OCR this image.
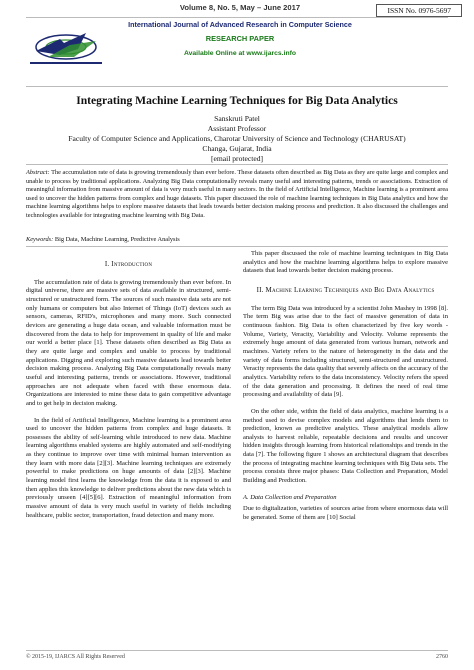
ISSN No. 0976-5697
Volume 8, No. 5, May – June 2017
International Journal of Advanced Research in Computer Science
RESEARCH PAPER
Available Online at www.ijarcs.info
Integrating Machine Learning Techniques for Big Data Analytics
Sanskruti Patel
Assistant Professor
Faculty of Computer Science and Applications, Charotar University of Science and Technology (CHARUSAT)
Changa, Gujarat, India
[email protected]
Abstract: The accumulation rate of data is growing tremendously than ever before. These datasets often described as Big Data as they are quite large and complex and unable to process by traditional applications. Analyzing Big Data computationally reveals many useful and interesting patterns, trends or associations. Extraction of meaningful information from massive amount of data is very much useful in many sectors. In the field of Artificial Intelligence, Machine learning is a prominent area used to uncover the hidden patterns from complex and huge datasets. This paper discussed the role of machine learning techniques in Big Data analytics and how the machine learning algorithms helps to explore massive datasets that leads towards better decision making process and prediction. It also discussed the challenges and technologies available for integrating machine learning with Big Data.
Keywords: Big Data, Machine Learning, Predictive Analysis
I. Introduction

The accumulation rate of data is growing tremendously than ever before. In digital universe, there are massive sets of data available in structured, semi-structured or unstructured form. The sources of such massive data sets are not only humans or computers but also Internet of Things (IoT) devices such as sensors, cameras, RFID's, microphones and many more. Such connected devices are generating a huge data ocean, and valuable information must be discovered from the data to help for improvement in quality of life and make our world a better place [1]. These datasets often described as Big Data as they are quite large and complex and unable to process by traditional applications. Digging and exploring such massive datasets lead towards better decision making process. Analyzing Big Data computationally reveals many useful and interesting patterns, trends or associations. However, traditional approaches are not adequate when faced with these enormous data. Organizations are interested to mine these data to gain competitive advantage and to get help in decision making.

In the field of Artificial Intelligence, Machine learning is a prominent area used to uncover the hidden patterns from complex and huge datasets. It possesses the ability of self-learning while introduced to new data. Machine learning algorithms enabled systems are highly automated and self-modifying as they continue to improve over time with minimal human intervention as they learn with more data [2][3]. Machine learning techniques are extremely powerful to make predictions on huge amounts of data [2][3]. Machine learning model first learns the knowledge from the data it is exposed to and then applies this knowledge to deliver predictions about the new data which is previously unseen [4][5][6]. Extraction of meaningful information from massive amount of data is very much useful in variety of fields including healthcare, public sector, transportation, fraud detection and many more.

This paper discussed the role of machine learning techniques in Big Data analytics and how the machine learning algorithms helps to explore massive datasets that lead towards better decision making process.

II. Machine Learning Techniques and Big Data Analytics

The term Big Data was introduced by a scientist John Mashey in 1998 [8]. The term Big was arise due to the fact of massive generation of data in continuous fashion. Big Data is often characterized by five key words - Volume, Variety, Veracity, Variability and Velocity. Volume represents the extremely huge amount of data generated from various human, network and machines. Variety refers to the nature of heterogeneity in the data and the variety of data forms including structured, semi-structured and unstructured. Veracity represents the data quality that severely affects on the accuracy of the analytics. Variability refers to the data inconsistency. Velocity refers the speed of the data generation and processing. It defines the need of real time processing and availability of data [9].

On the other side, within the field of data analytics, machine learning is a method used to devise complex models and algorithms that lends them to prediction, known as predictive analytics. These analytical models allow analysts to harvest reliable, repeatable decisions and results and uncover hidden insights through learning from historical relationships and trends in the data [7]. The following figure 1 shows an architectural diagram that describes the process of integrating machine learning techniques with Big Data sets. The process consists three major phases: Data Collection and Preparation, Model Building and Prediction.

A. Data Collection and Preparation

Due to digitalization, varieties of sources arise from where enormous data will be generated. Some of them are [10] Social

© 2015-19, IJARCS All Rights Reserved	2760
